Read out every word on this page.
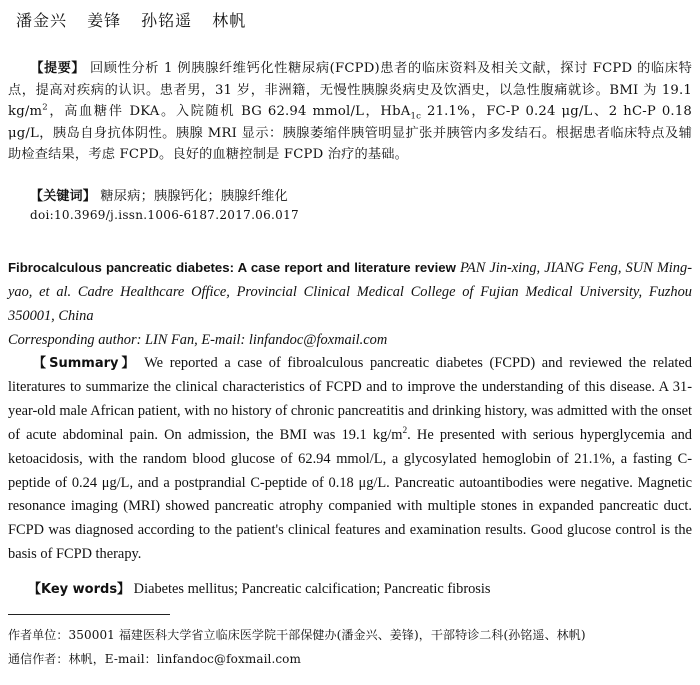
潘金兴 姜锋 孙铭遥 林帆
【提要】 回顾性分析 1 例胰腺纤维钙化性糖尿病(FCPD)患者的临床资料及相关文献，探讨 FCPD 的临床特点，提高对疾病的认识。患者男，31 岁，非洲籍，无慢性胰腺炎病史及饮酒史，以急性腹痛就诊。BMI 为 19.1 $kg/m^2$，高血糖伴 DKA。入院随机 BG 62.94 mmol/L，HbA$_{1c}$ 21.1%，FC-P 0.24 μg/L、2 hC-P 0.18 μg/L，胰岛自身抗体阴性。胰腺 MRI 显示：胰腺萎缩伴胰管明显扩张并胰管内多发结石。根据患者临床特点及辅助检查结果，考虑 FCPD。良好的血糖控制是 FCPD 治疗的基础。
【关键词】 糖尿病；胰腺钙化；胰腺纤维化
doi:10.3969/j.issn.1006-6187.2017.06.017
Fibrocalculous pancreatic diabetes: A case report and literature review PAN Jin-xing, JIANG Feng, SUN Ming-yao, et al. Cadre Healthcare Office, Provincial Clinical Medical College of Fujian Medical University, Fuzhou 350001, China
Corresponding author: LIN Fan, E-mail: linfandoc@foxmail.com
【Summary】 We reported a case of fibroalculous pancreatic diabetes (FCPD) and reviewed the related literatures to summarize the clinical characteristics of FCPD and to improve the understanding of this disease. A 31-year-old male African patient, with no history of chronic pancreatitis and drinking history, was admitted with the onset of acute abdominal pain. On admission, the BMI was 19.1 $kg/m^2$. He presented with serious hyperglycemia and ketoacidosis, with the random blood glucose of 62.94 mmol/L, a glycosylated hemoglobin of 21.1%, a fasting C-peptide of 0.24 μg/L, and a postprandial C-peptide of 0.18 μg/L. Pancreatic autoantibodies were negative. Magnetic resonance imaging (MRI) showed pancreatic atrophy companied with multiple stones in expanded pancreatic duct. FCPD was diagnosed according to the patient's clinical features and examination results. Good glucose control is the basis of FCPD therapy.
【Key words】 Diabetes mellitus; Pancreatic calcification; Pancreatic fibrosis
作者单位：350001 福建医科大学省立临床医学院干部保健办(潘金兴、姜锋)，干部特诊二科(孙铭遥、林帆)
通信作者：林帆，E-mail：linfandoc@foxmail.com
